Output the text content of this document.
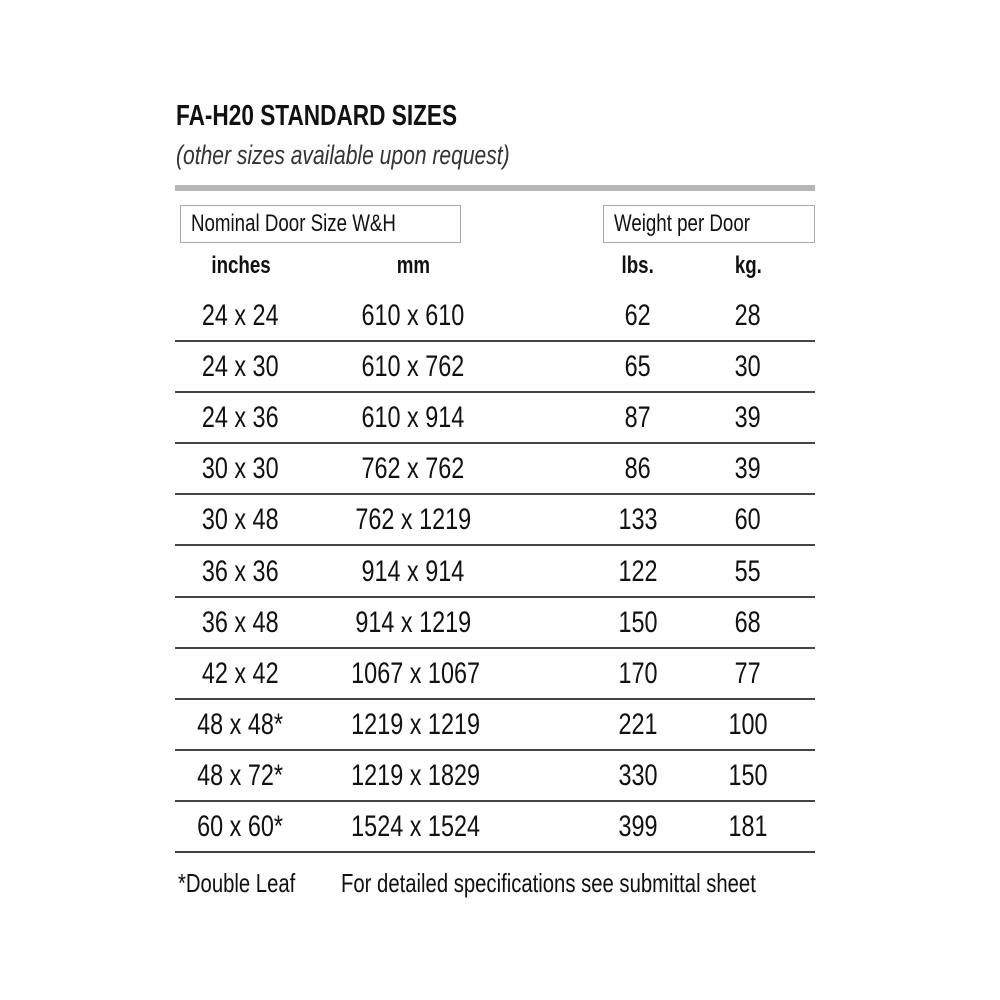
FA-H20 STANDARD SIZES
(other sizes available upon request)
Nominal Door Size W&H	Weight per Door
inches	mm	lbs.	kg.
24 x 24	610 x 610	62	28
24 x 30	610 x 762	65	30
24 x 36	610 x 914	87	39
30 x 30	762 x 762	86	39
30 x 48	762 x 1219	133	60
36 x 36	914 x 914	122	55
36 x 48	914 x 1219	150	68
42 x 42	1067 x 1067	170	77
48 x 48*	1219 x 1219	221	100
48 x 72*	1219 x 1829	330	150
60 x 60*	1524 x 1524	399	181
*Double Leaf	For detailed specifications see submittal sheet
